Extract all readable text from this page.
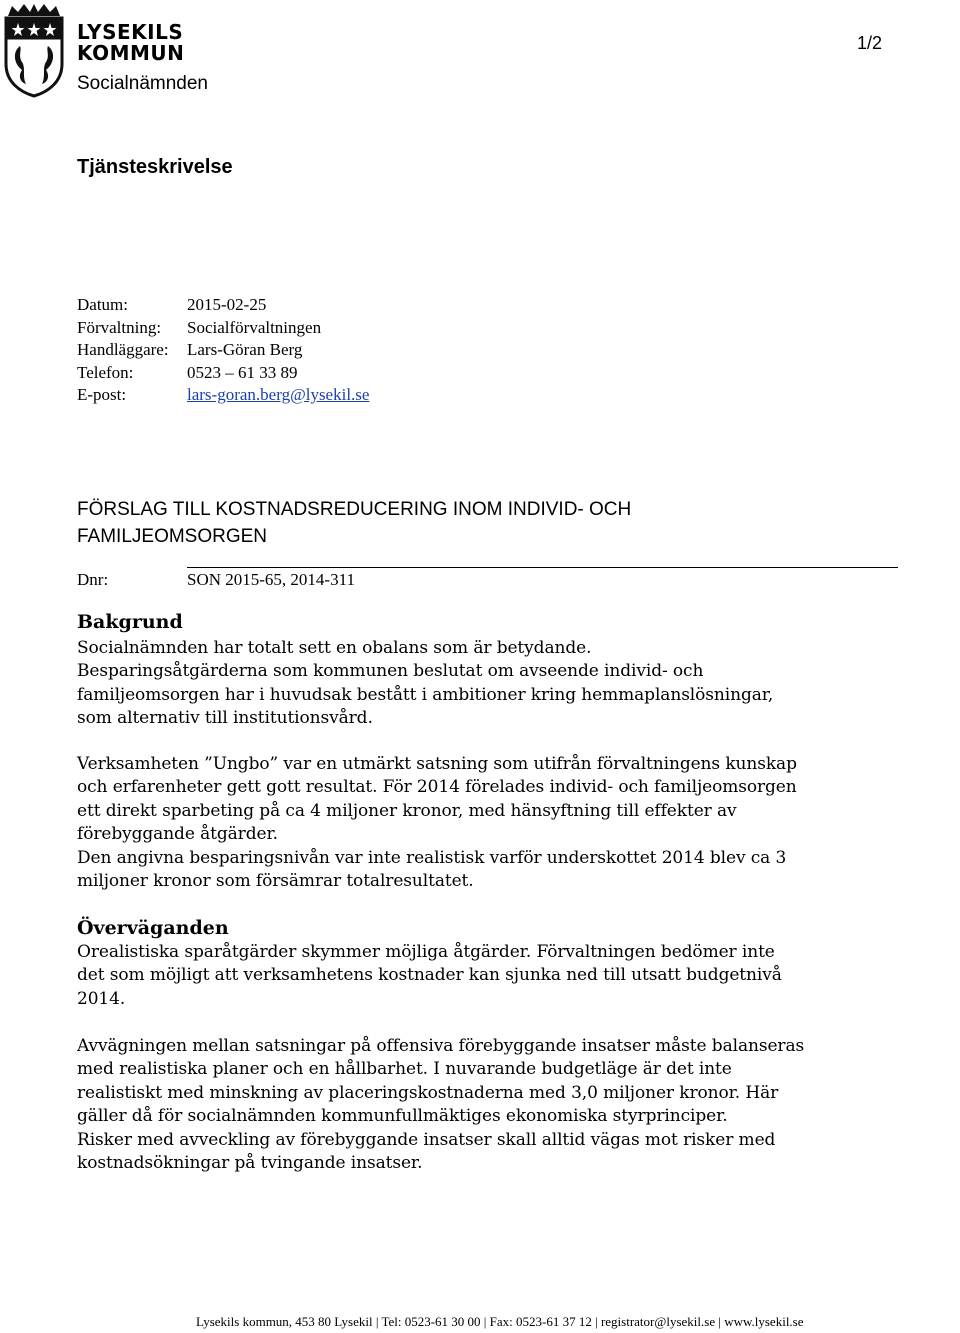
LYSEKILS
KOMMUN
Socialnämnden
1/2
Tjänsteskrivelse
Datum:	2015-02-25
Förvaltning:	Socialförvaltningen
Handläggare:	Lars-Göran Berg
Telefon:	0523 – 61 33 89
E-post:	lars-goran.berg@lysekil.se
FÖRSLAG TILL KOSTNADSREDUCERING INOM INDIVID- OCH
FAMILJEOMSORGEN
Dnr:	SON 2015-65, 2014-311
Bakgrund
Socialnämnden har totalt sett en obalans som är betydande.
Besparingsåtgärderna som kommunen beslutat om avseende individ- och
familjeomsorgen har i huvudsak bestått i ambitioner kring hemmaplanslösningar,
som alternativ till institutionsvård.
Verksamheten ”Ungbo” var en utmärkt satsning som utifrån förvaltningens kunskap
och erfarenheter gett gott resultat. För 2014 förelades individ- och familjeomsorgen
ett direkt sparbeting på ca 4 miljoner kronor, med hänsyftning till effekter av
förebyggande åtgärder.
Den angivna besparingsnivån var inte realistisk varför underskottet 2014 blev ca 3
miljoner kronor som försämrar totalresultatet.
Överväganden
Orealistiska sparåtgärder skymmer möjliga åtgärder. Förvaltningen bedömer inte
det som möjligt att verksamhetens kostnader kan sjunka ned till utsatt budgetnivå
2014.
Avvägningen mellan satsningar på offensiva förebyggande insatser måste balanseras
med realistiska planer och en hållbarhet. I nuvarande budgetläge är det inte
realistiskt med minskning av placeringskostnaderna med 3,0 miljoner kronor. Här
gäller då för socialnämnden kommunfullmäktiges ekonomiska styrprinciper.
Risker med avveckling av förebyggande insatser skall alltid vägas mot risker med
kostnadsökningar på tvingande insatser.
Lysekils kommun, 453 80 Lysekil | Tel: 0523-61 30 00 | Fax: 0523-61 37 12 | registrator@lysekil.se | www.lysekil.se
